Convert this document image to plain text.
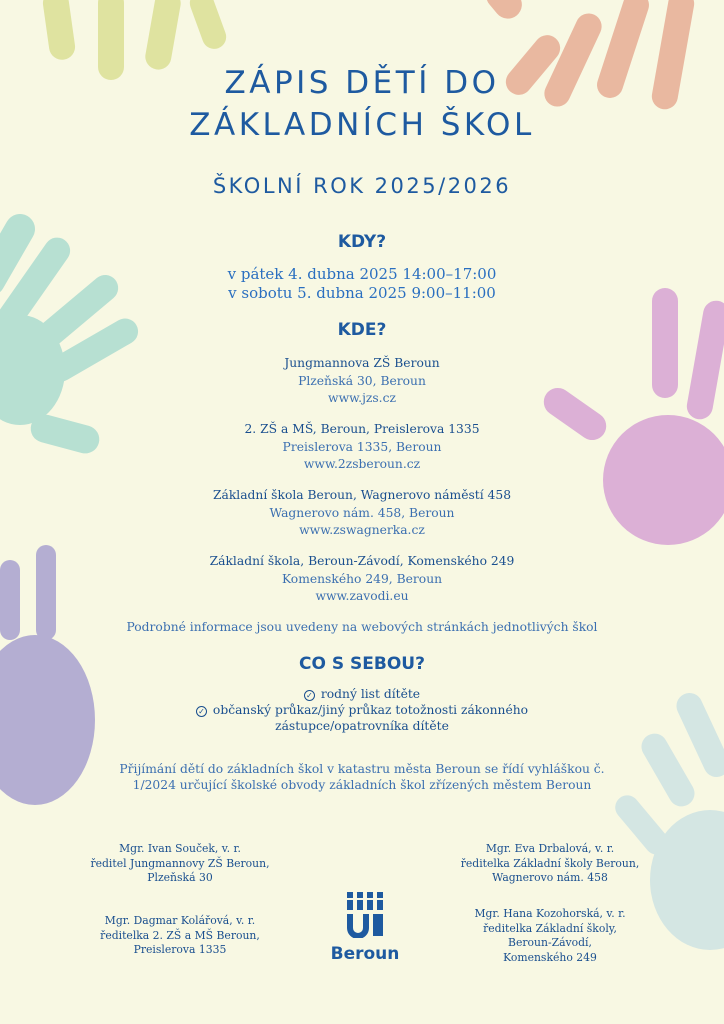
ZÁPIS DĚTÍ DO
ZÁKLADNÍCH ŠKOL
ŠKOLNÍ ROK 2025/2026
KDY?
v pátek 4. dubna 2025 14:00–17:00
v sobotu 5. dubna 2025 9:00–11:00
KDE?
Jungmannova ZŠ Beroun
Plzeňská 30, Beroun
www.jzs.cz
2. ZŠ a MŠ, Beroun, Preislerova 1335
Preislerova 1335, Beroun
www.2zsberoun.cz
Základní škola Beroun, Wagnerovo náměstí 458
Wagnerovo nám. 458, Beroun
www.zswagnerka.cz
Základní škola, Beroun-Závodí, Komenského 249
Komenského 249, Beroun
www.zavodi.eu
Podrobné informace jsou uvedeny na webových stránkách jednotlivých škol
CO S SEBOU?
✓ rodný list dítěte
✓ občanský průkaz/jiný průkaz totožnosti zákonného
zástupce/opatrovníka dítěte
Přijímání dětí do základních škol v katastru města Beroun se řídí vyhláškou č. 1/2024 určující školské obvody základních škol zřízených městem Beroun
Mgr. Ivan Souček, v. r.
ředitel Jungmannovy ZŠ Beroun,
Plzeňská 30
Mgr. Eva Drbalová, v. r.
ředitelka Základní školy Beroun,
Wagnerovo nám. 458
Mgr. Dagmar Kolářová, v. r.
ředitelka 2. ZŠ a MŠ Beroun,
Preislerova 1335
Mgr. Hana Kozohorská, v. r.
ředitelka Základní školy,
Beroun-Závodí,
Komenského 249
Beroun
